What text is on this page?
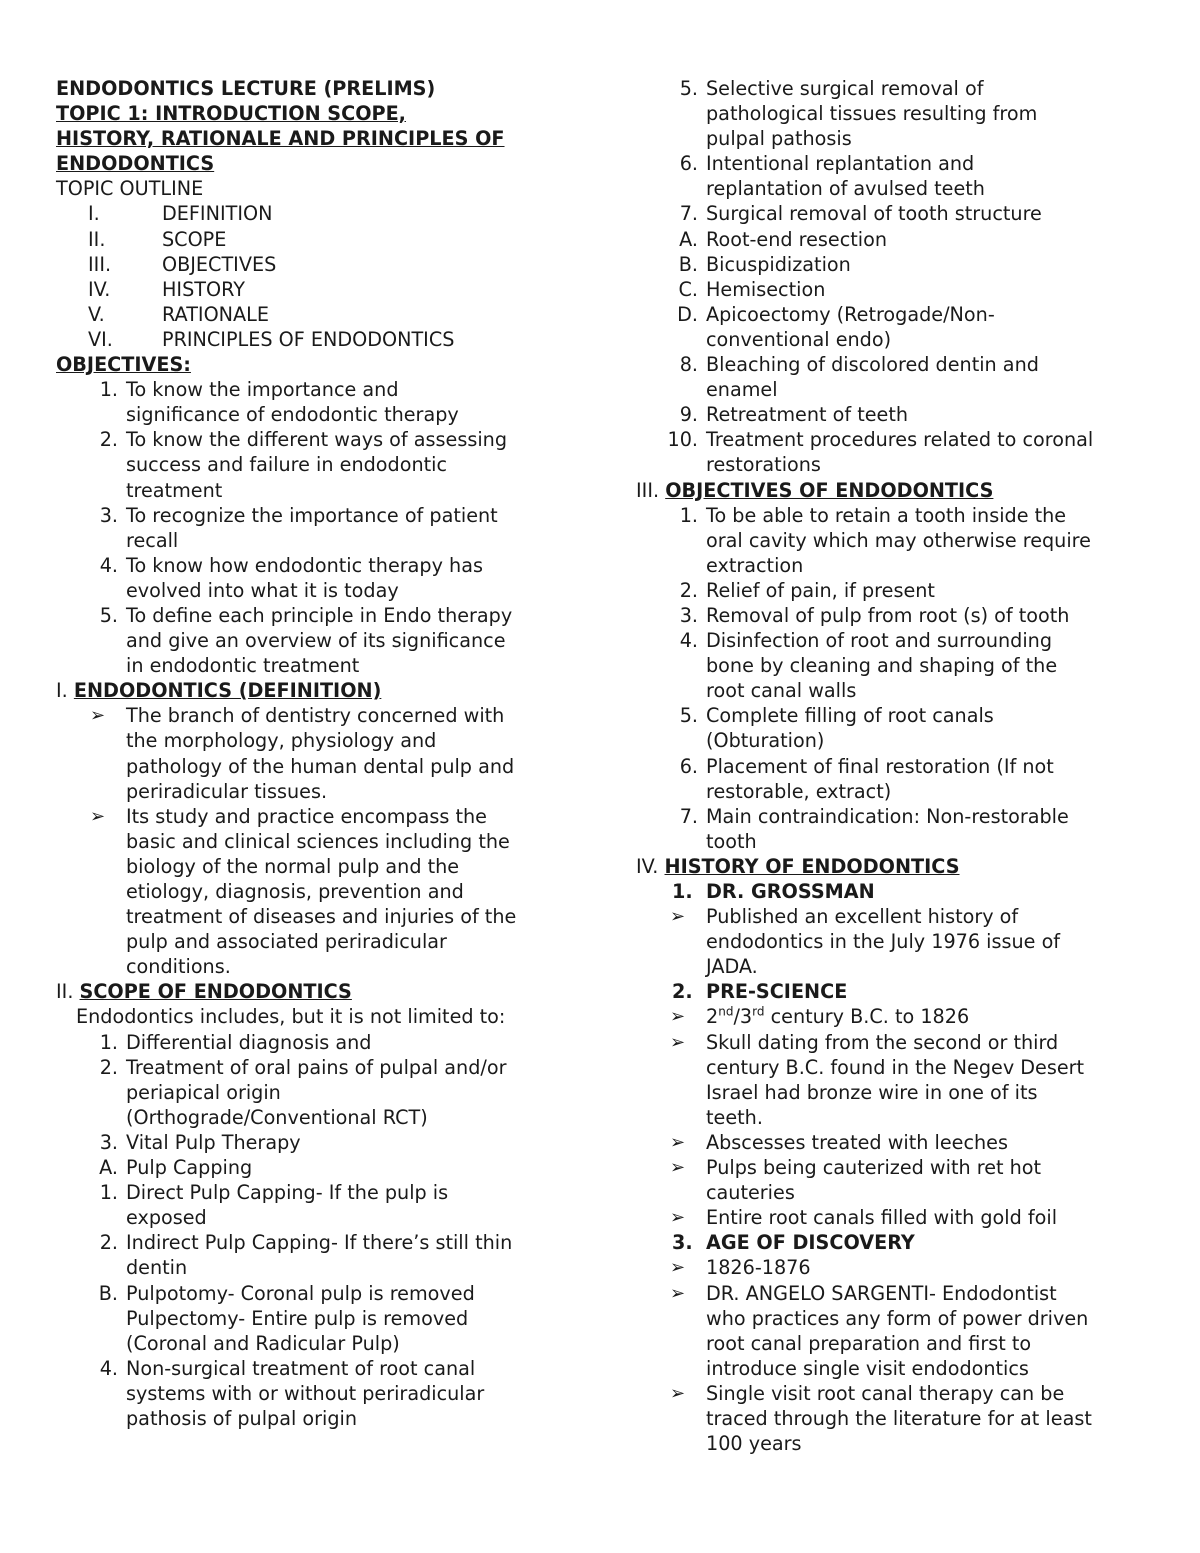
ENDODONTICS LECTURE (PRELIMS)
TOPIC 1: INTRODUCTION SCOPE,
HISTORY, RATIONALE AND PRINCIPLES OF
ENDODONTICS
TOPIC OUTLINE
I.	DEFINITION
II.	SCOPE
III.	OBJECTIVES
IV.	HISTORY
V.	RATIONALE
VI.	PRINCIPLES OF ENDODONTICS
OBJECTIVES:
1. To know the importance and
significance of endodontic therapy
2. To know the different ways of assessing
success and failure in endodontic
treatment
3. To recognize the importance of patient
recall
4. To know how endodontic therapy has
evolved into what it is today
5. To define each principle in Endo therapy
and give an overview of its significance
in endodontic treatment
I. ENDODONTICS (DEFINITION)
➢	The branch of dentistry concerned with
the morphology, physiology and
pathology of the human dental pulp and
periradicular tissues.
➢	Its study and practice encompass the
basic and clinical sciences including the
biology of the normal pulp and the
etiology, diagnosis, prevention and
treatment of diseases and injuries of the
pulp and associated periradicular
conditions.
II. SCOPE OF ENDODONTICS
Endodontics includes, but it is not limited to:
1. Differential diagnosis and
2. Treatment of oral pains of pulpal and/or
periapical origin
(Orthograde/Conventional RCT)
3. Vital Pulp Therapy
A. Pulp Capping
1. Direct Pulp Capping- If the pulp is
exposed
2. Indirect Pulp Capping- If there’s still thin
dentin
B. Pulpotomy- Coronal pulp is removed
Pulpectomy- Entire pulp is removed
(Coronal and Radicular Pulp)
4. Non-surgical treatment of root canal
systems with or without periradicular
pathosis of pulpal origin
5. Selective surgical removal of
pathological tissues resulting from
pulpal pathosis
6. Intentional replantation and
replantation of avulsed teeth
7. Surgical removal of tooth structure
A. Root-end resection
B. Bicuspidization
C. Hemisection
D. Apicoectomy (Retrogade/Non-
conventional endo)
8. Bleaching of discolored dentin and
enamel
9. Retreatment of teeth
10. Treatment procedures related to coronal
restorations
III. OBJECTIVES OF ENDODONTICS
1. To be able to retain a tooth inside the
oral cavity which may otherwise require
extraction
2. Relief of pain, if present
3. Removal of pulp from root (s) of tooth
4. Disinfection of root and surrounding
bone by cleaning and shaping of the
root canal walls
5. Complete filling of root canals
(Obturation)
6. Placement of final restoration (If not
restorable, extract)
7. Main contraindication: Non-restorable
tooth
IV. HISTORY OF ENDODONTICS
1. DR. GROSSMAN
➢	Published an excellent history of
endodontics in the July 1976 issue of
JADA.
2. PRE-SCIENCE
➢	2nd/3rd century B.C. to 1826
➢	Skull dating from the second or third
century B.C. found in the Negev Desert
Israel had bronze wire in one of its
teeth.
➢	Abscesses treated with leeches
➢	Pulps being cauterized with ret hot
cauteries
➢	Entire root canals filled with gold foil
3. AGE OF DISCOVERY
➢	1826-1876
➢	DR. ANGELO SARGENTI- Endodontist
who practices any form of power driven
root canal preparation and first to
introduce single visit endodontics
➢	Single visit root canal therapy can be
traced through the literature for at least
100 years
